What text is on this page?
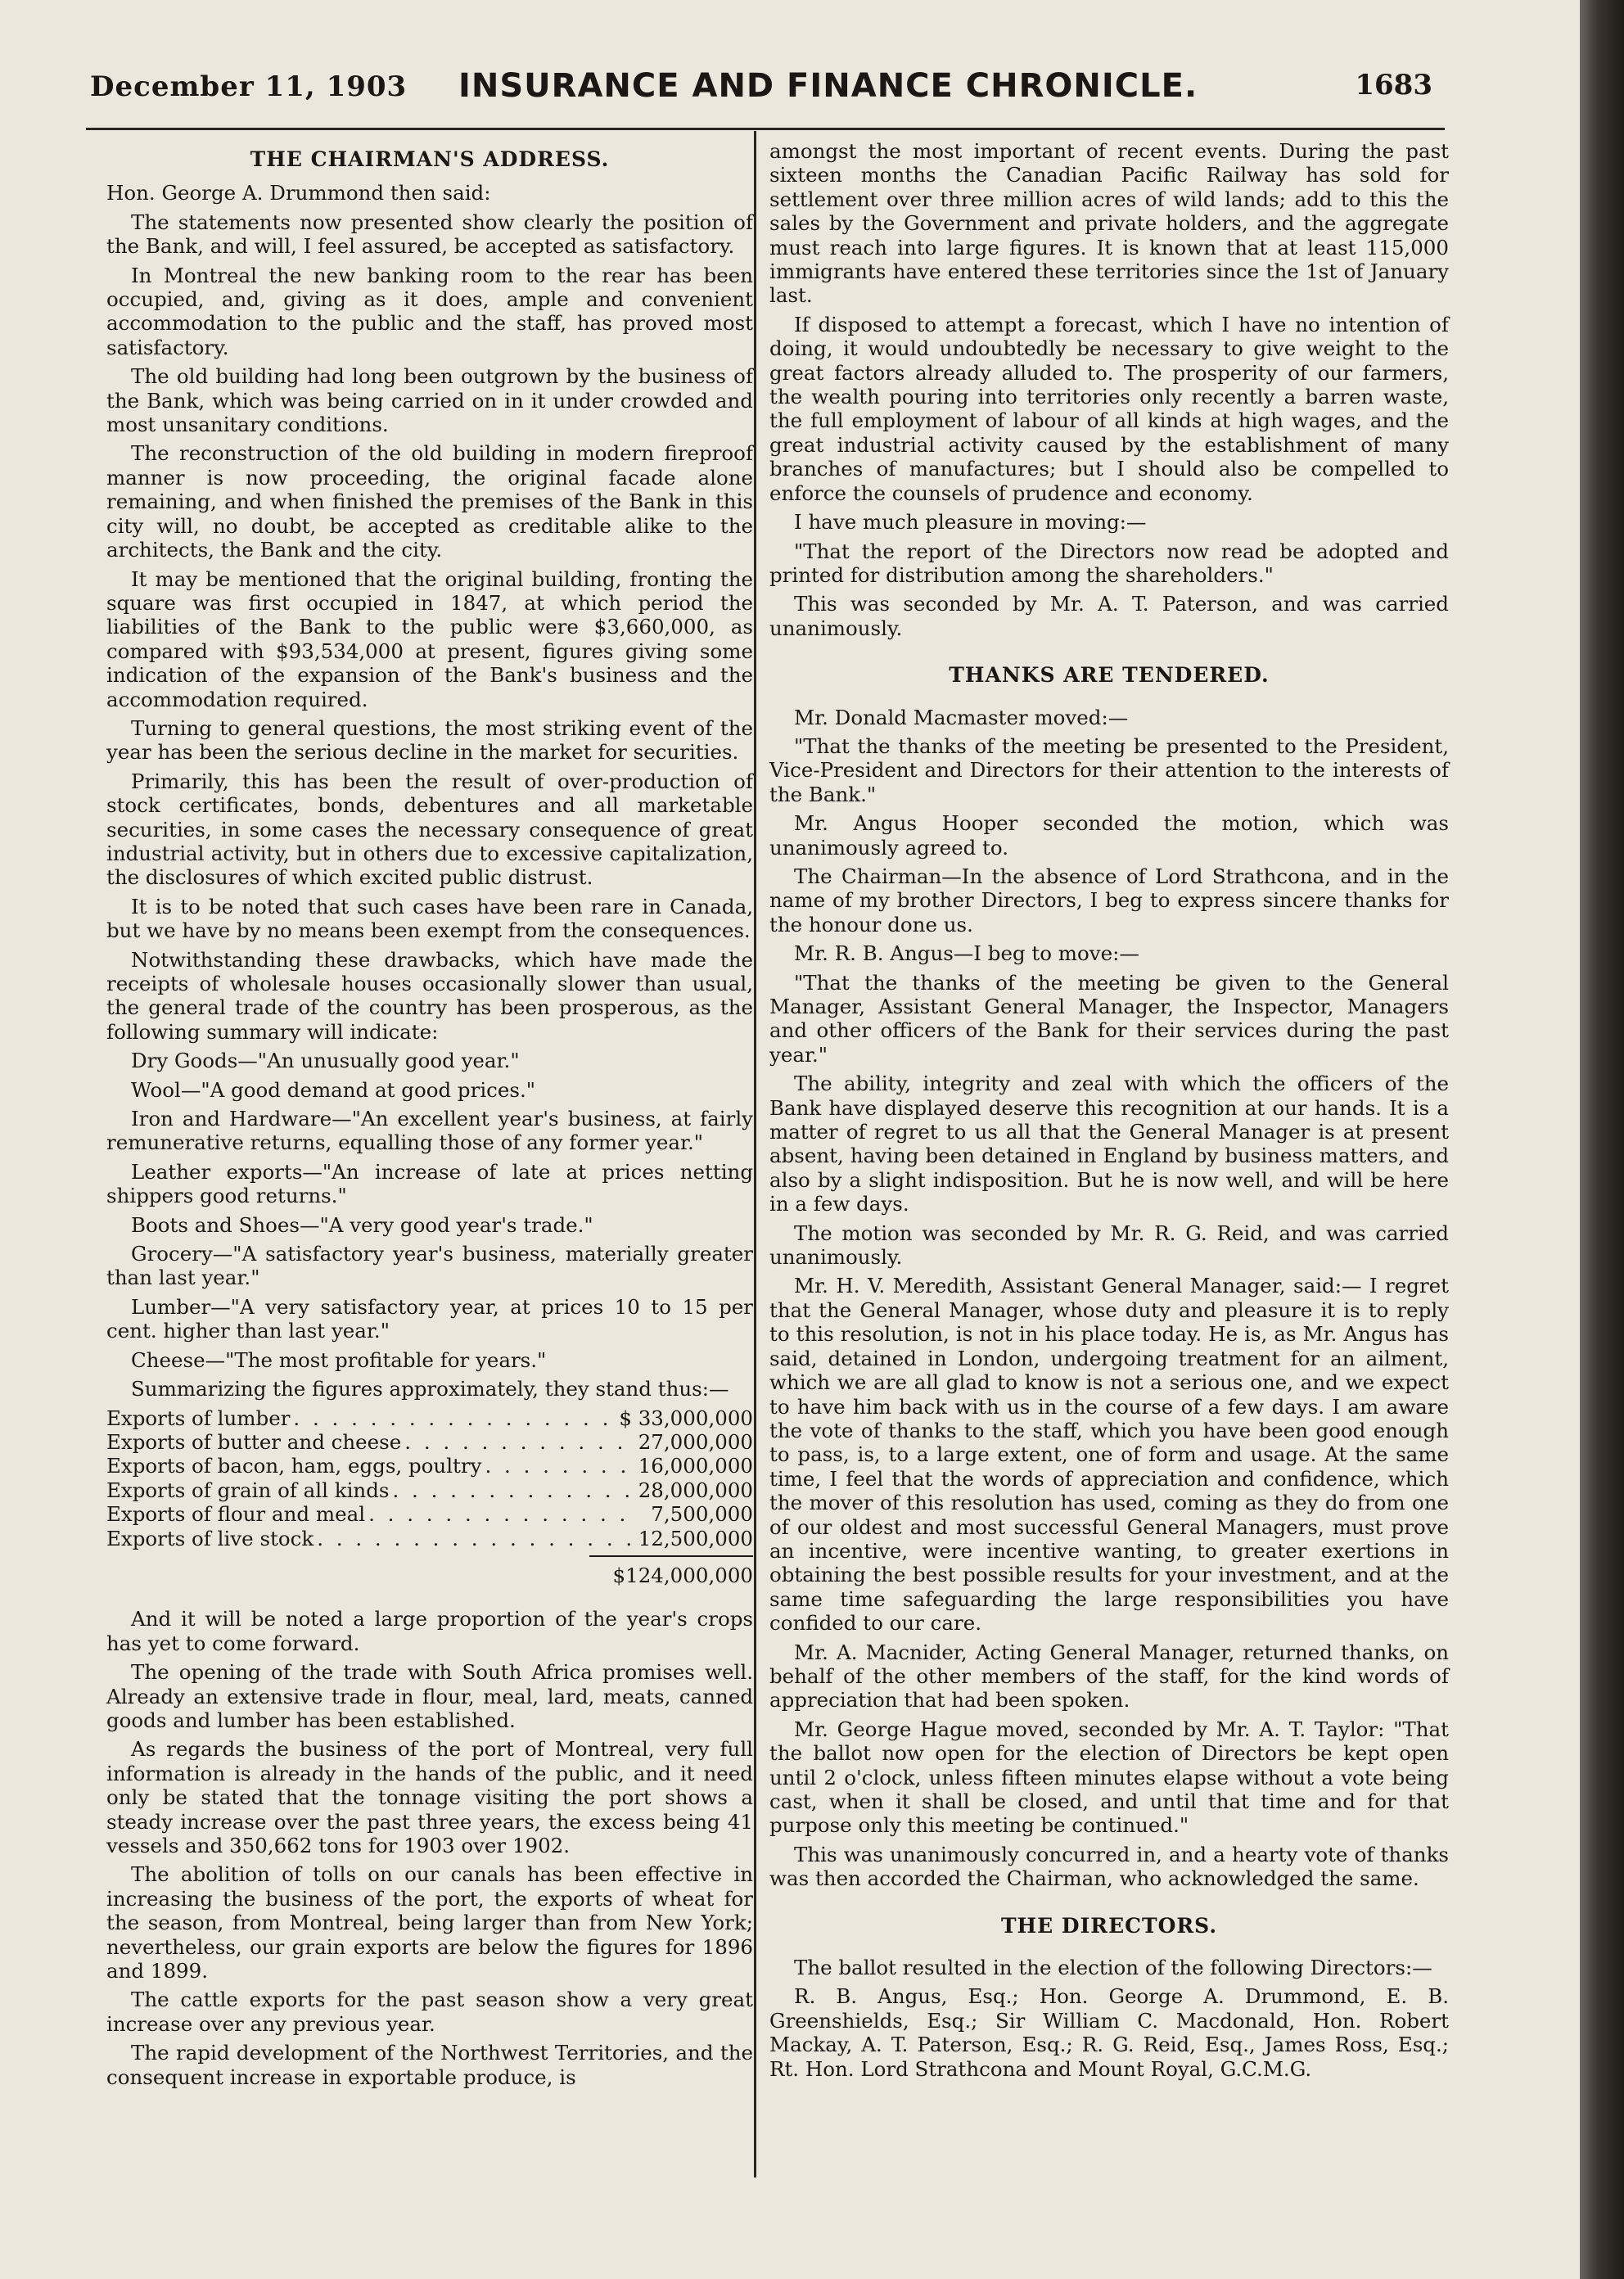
December 11, 1903 INSURANCE AND FINANCE CHRONICLE.	1683
THE CHAIRMAN'S ADDRESS.

Hon. George A. Drummond then said:

The statements now presented show clearly the position of the Bank, and will, I feel assured, be accepted as satisfactory.

In Montreal the new banking room to the rear has been occupied, and, giving as it does, ample and convenient accommodation to the public and the staff, has proved most satisfactory.

The old building had long been outgrown by the business of the Bank, which was being carried on in it under crowded and most unsanitary conditions.

The reconstruction of the old building in modern fireproof manner is now proceeding, the original facade alone remaining, and when finished the premises of the Bank in this city will, no doubt, be accepted as creditable alike to the architects, the Bank and the city.

It may be mentioned that the original building, fronting the square was first occupied in 1847, at which period the liabilities of the Bank to the public were $3,660,000, as compared with $93,534,000 at present, figures giving some indication of the expansion of the Bank's business and the accommodation required.

Turning to general questions, the most striking event of the year has been the serious decline in the market for securities.

Primarily, this has been the result of over-production of stock certificates, bonds, debentures and all marketable securities, in some cases the necessary consequence of great industrial activity, but in others due to excessive capitalization, the disclosures of which excited public distrust.

It is to be noted that such cases have been rare in Canada, but we have by no means been exempt from the consequences.

Notwithstanding these drawbacks, which have made the receipts of wholesale houses occasionally slower than usual, the general trade of the country has been prosperous, as the following summary will indicate:

Dry Goods—"An unusually good year."

Wool—"A good demand at good prices."

Iron and Hardware—"An excellent year's business, at fairly remunerative returns, equalling those of any former year."

Leather exports—"An increase of late at prices netting shippers good returns."

Boots and Shoes—"A very good year's trade."

Grocery—"A satisfactory year's business, materially greater than last year."

Lumber—"A very satisfactory year, at prices 10 to 15 per cent. higher than last year."

Cheese—"The most profitable for years."

Summarizing the figures approximately, they stand thus:—

Exports of lumber . . .	$ 33,000,000
Exports of butter and cheese . . .	27,000,000
Exports of bacon, ham, eggs, poultry . . .	16,000,000
Exports of grain of all kinds . . .	28,000,000
Exports of flour and meal . . .	7,500,000
Exports of live stock . . .	12,500,000
$124,000,000

And it will be noted a large proportion of the year's crops has yet to come forward.

The opening of the trade with South Africa promises well. Already an extensive trade in flour, meal, lard, meats, canned goods and lumber has been established.

As regards the business of the port of Montreal, very full information is already in the hands of the public, and it need only be stated that the tonnage visiting the port shows a steady increase over the past three years, the excess being 41 vessels and 350,662 tons for 1903 over 1902.

The abolition of tolls on our canals has been effective in increasing the business of the port, the exports of wheat for the season, from Montreal, being larger than from New York; nevertheless, our grain exports are below the figures for 1896 and 1899.

The cattle exports for the past season show a very great increase over any previous year.

The rapid development of the Northwest Territories, and the consequent increase in exportable produce, is

amongst the most important of recent events. During the past sixteen months the Canadian Pacific Railway has sold for settlement over three million acres of wild lands; add to this the sales by the Government and private holders, and the aggregate must reach into large figures. It is known that at least 115,000 immigrants have entered these territories since the 1st of January last.

If disposed to attempt a forecast, which I have no intention of doing, it would undoubtedly be necessary to give weight to the great factors already alluded to. The prosperity of our farmers, the wealth pouring into territories only recently a barren waste, the full employment of labour of all kinds at high wages, and the great industrial activity caused by the establishment of many branches of manufactures; but I should also be compelled to enforce the counsels of prudence and economy.

I have much pleasure in moving:—

"That the report of the Directors now read be adopted and printed for distribution among the shareholders."

This was seconded by Mr. A. T. Paterson, and was carried unanimously.

THANKS ARE TENDERED.

Mr. Donald Macmaster moved:—

"That the thanks of the meeting be presented to the President, Vice-President and Directors for their attention to the interests of the Bank."

Mr. Angus Hooper seconded the motion, which was unanimously agreed to.

The Chairman—In the absence of Lord Strathcona, and in the name of my brother Directors, I beg to express sincere thanks for the honour done us.

Mr. R. B. Angus—I beg to move:—

"That the thanks of the meeting be given to the General Manager, Assistant General Manager, the Inspector, Managers and other officers of the Bank for their services during the past year."

The ability, integrity and zeal with which the officers of the Bank have displayed deserve this recognition at our hands. It is a matter of regret to us all that the General Manager is at present absent, having been detained in England by business matters, and also by a slight indisposition. But he is now well, and will be here in a few days.

The motion was seconded by Mr. R. G. Reid, and was carried unanimously.

Mr. H. V. Meredith, Assistant General Manager, said:— I regret that the General Manager, whose duty and pleasure it is to reply to this resolution, is not in his place today. He is, as Mr. Angus has said, detained in London, undergoing treatment for an ailment, which we are all glad to know is not a serious one, and we expect to have him back with us in the course of a few days. I am aware the vote of thanks to the staff, which you have been good enough to pass, is, to a large extent, one of form and usage. At the same time, I feel that the words of appreciation and confidence, which the mover of this resolution has used, coming as they do from one of our oldest and most successful General Managers, must prove an incentive, were incentive wanting, to greater exertions in obtaining the best possible results for your investment, and at the same time safeguarding the large responsibilities you have confided to our care.

Mr. A. Macnider, Acting General Manager, returned thanks, on behalf of the other members of the staff, for the kind words of appreciation that had been spoken.

Mr. George Hague moved, seconded by Mr. A. T. Taylor: "That the ballot now open for the election of Directors be kept open until 2 o'clock, unless fifteen minutes elapse without a vote being cast, when it shall be closed, and until that time and for that purpose only this meeting be continued."

This was unanimously concurred in, and a hearty vote of thanks was then accorded the Chairman, who acknowledged the same.

THE DIRECTORS.

The ballot resulted in the election of the following Directors:—

R. B. Angus, Esq.; Hon. George A. Drummond, E. B. Greenshields, Esq.; Sir William C. Macdonald, Hon. Robert Mackay, A. T. Paterson, Esq.; R. G. Reid, Esq., James Ross, Esq.; Rt. Hon. Lord Strathcona and Mount Royal, G.C.M.G.
